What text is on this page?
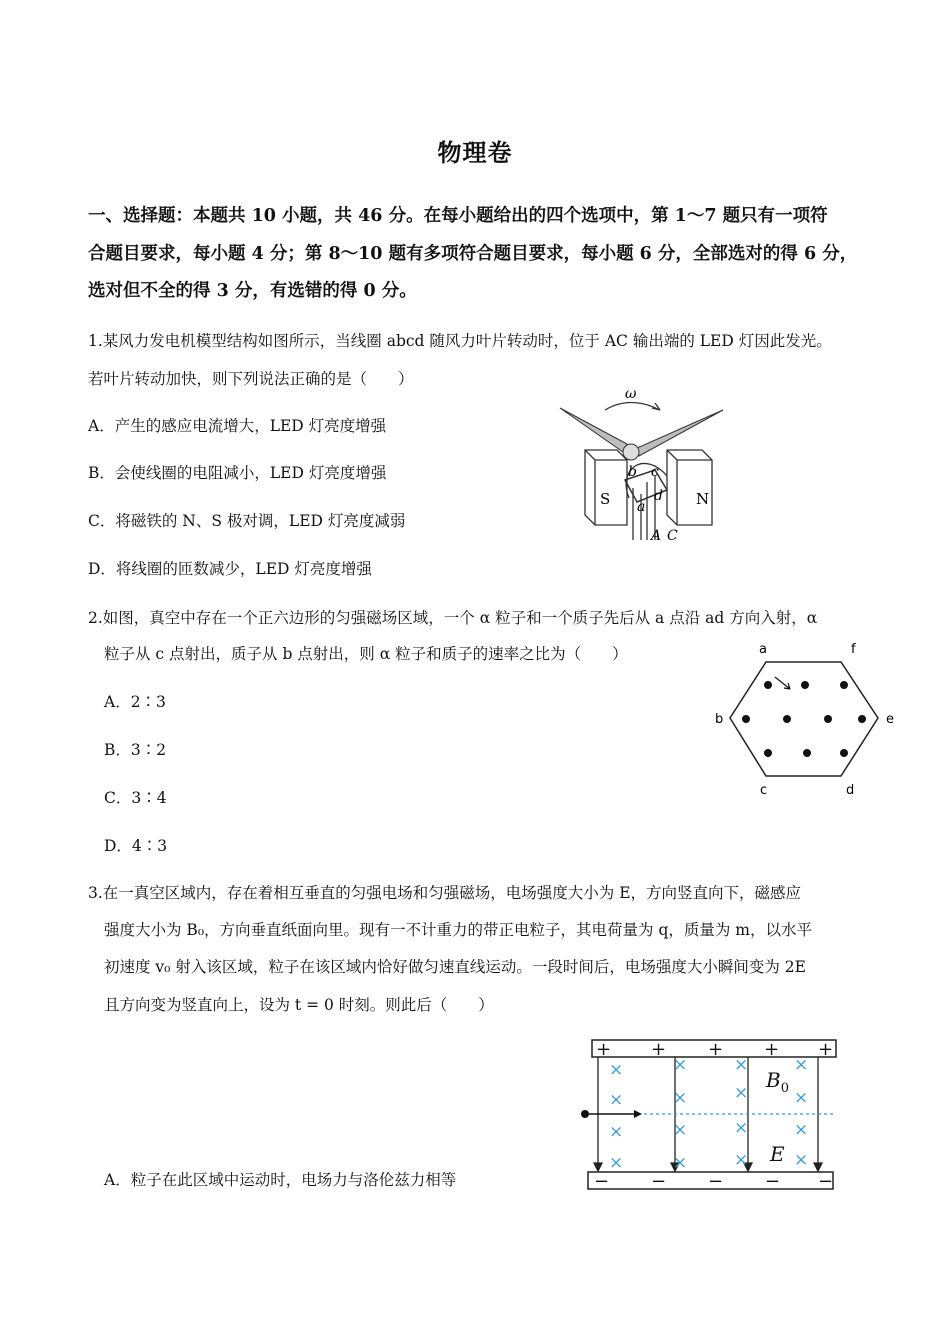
物理卷
一、选择题：本题共 10 小题，共 46 分。在每小题给出的四个选项中，第 1～7 题只有一项符
合题目要求，每小题 4 分；第 8～10 题有多项符合题目要求，每小题 6 分，全部选对的得 6 分，
选对但不全的得 3 分，有选错的得 0 分。
1.某风力发电机模型结构如图所示，当线圈 abcd 随风力叶片转动时，位于 AC 输出端的 LED 灯因此发光。
若叶片转动加快，则下列说法正确的是（　　）
A．产生的感应电流增大，LED 灯亮度增强
B．会使线圈的电阻减小，LED 灯亮度增强
C．将磁铁的 N、S 极对调，LED 灯亮度减弱
D．将线圈的匝数减少，LED 灯亮度增强
ω
S	N
a
b c
d
A C
2.如图，真空中存在一个正六边形的匀强磁场区域，一个 α 粒子和一个质子先后从 a 点沿 ad 方向入射，α
粒子从 c 点射出，质子从 b 点射出，则 α 粒子和质子的速率之比为（　　）
A．2∶3
B．3∶2
C．3∶4
D．4∶3
a	f
b	e
c	d
3.在一真空区域内，存在着相互垂直的匀强电场和匀强磁场，电场强度大小为 E，方向竖直向下，磁感应
强度大小为 B₀，方向垂直纸面向里。现有一不计重力的带正电粒子，其电荷量为 q，质量为 m，以水平
初速度 v₀ 射入该区域，粒子在该区域内恰好做匀速直线运动。一段时间后，电场强度大小瞬间变为 2E
且方向变为竖直向上，设为 t = 0 时刻。则此后（　　）
A．粒子在此区域中运动时，电场力与洛伦兹力相等
+ + + + +
− − − − −
×
×
×
×
×
×
×
×
×
×
×
×
×
×
×
×
$B_0$
E
